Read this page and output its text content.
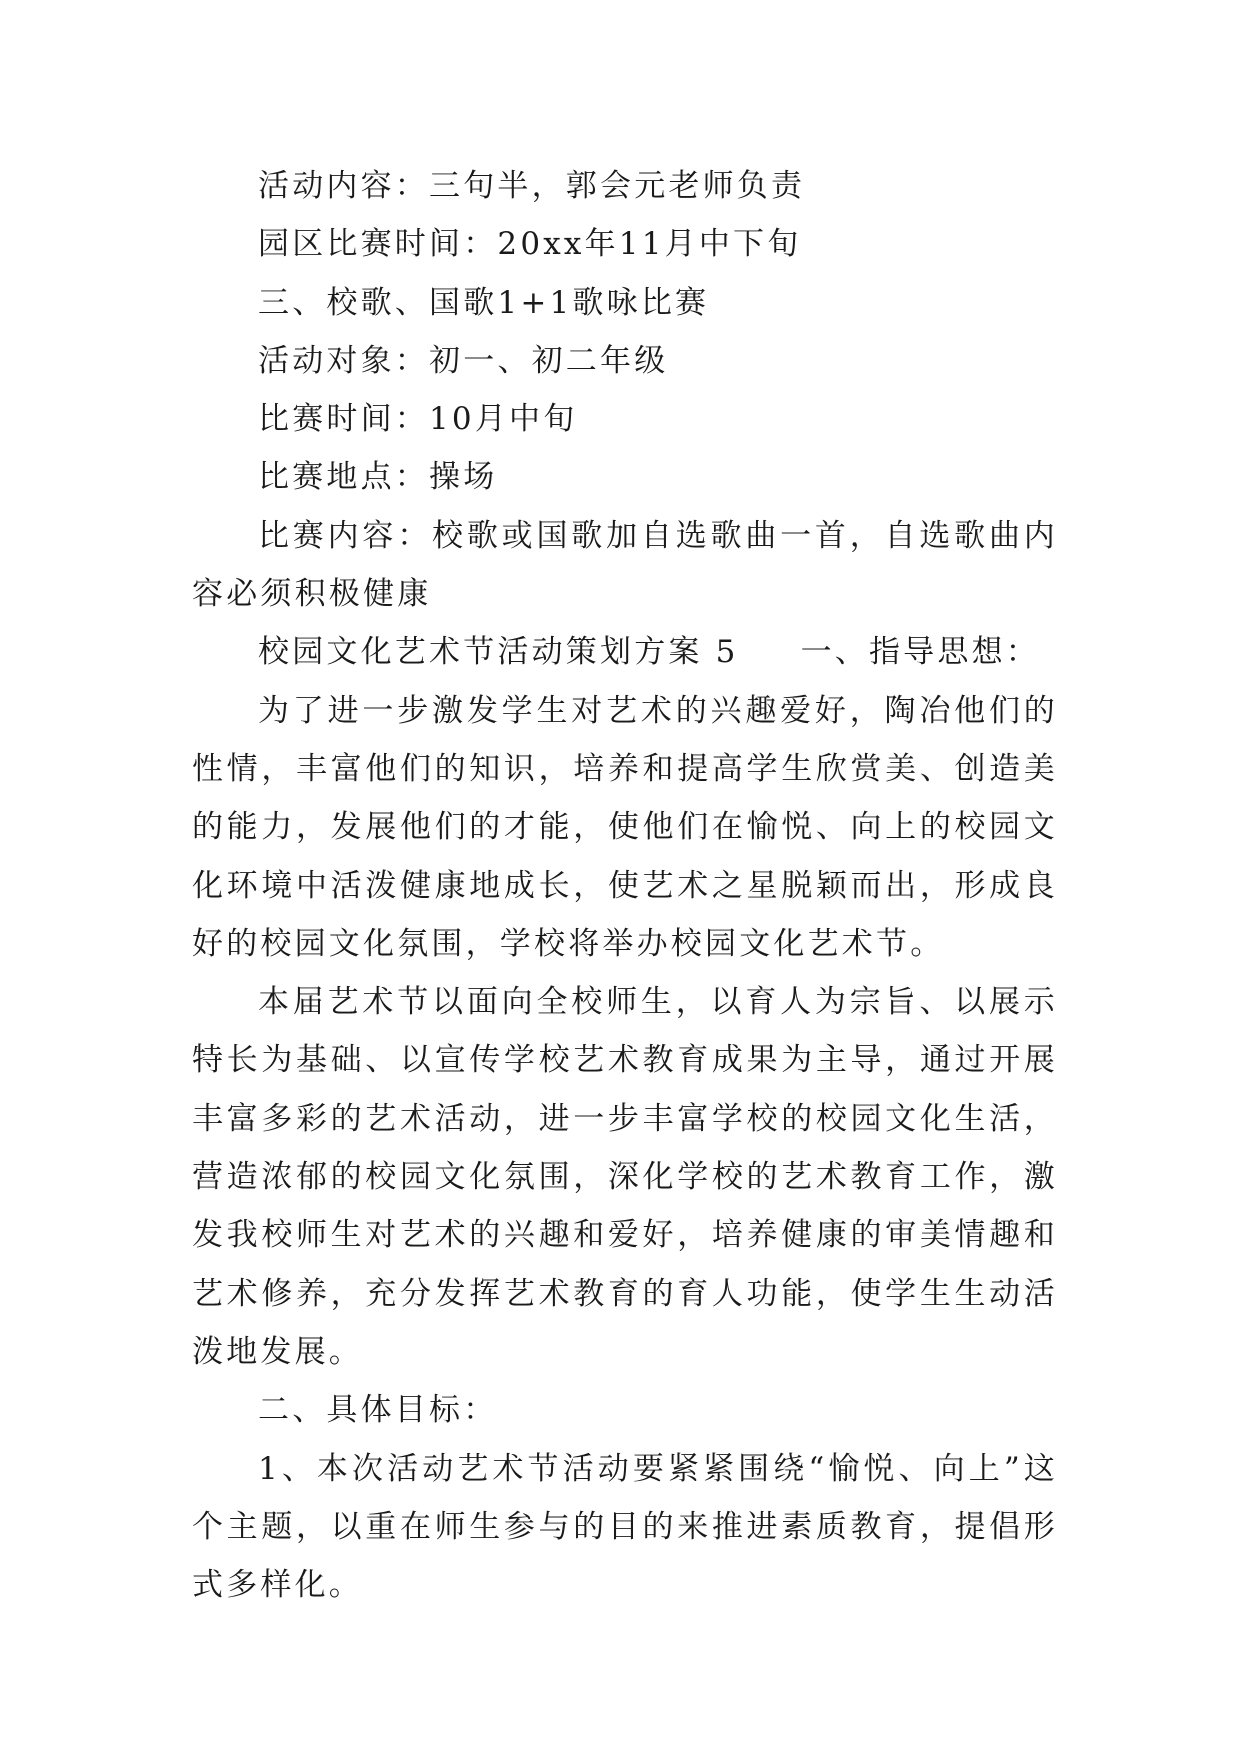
活动内容：三句半，郭会元老师负责

园区比赛时间：20xx年11月中下旬

三、校歌、国歌1+1歌咏比赛

活动对象：初一、初二年级

比赛时间：10月中旬

比赛地点：操场

比赛内容：校歌或国歌加自选歌曲一首，自选歌曲内容必须积极健康

校园文化艺术节活动策划方案 5 一、指导思想：

为了进一步激发学生对艺术的兴趣爱好，陶冶他们的性情，丰富他们的知识，培养和提高学生欣赏美、创造美的能力，发展他们的才能，使他们在愉悦、向上的校园文化环境中活泼健康地成长，使艺术之星脱颖而出，形成良好的校园文化氛围，学校将举办校园文化艺术节。

本届艺术节以面向全校师生，以育人为宗旨、以展示特长为基础、以宣传学校艺术教育成果为主导，通过开展丰富多彩的艺术活动，进一步丰富学校的校园文化生活，营造浓郁的校园文化氛围，深化学校的艺术教育工作，激发我校师生对艺术的兴趣和爱好，培养健康的审美情趣和艺术修养，充分发挥艺术教育的育人功能，使学生生动活泼地发展。

二、具体目标：

1、本次活动艺术节活动要紧紧围绕“愉悦、向上”这个主题，以重在师生参与的目的来推进素质教育，提倡形式多样化。
